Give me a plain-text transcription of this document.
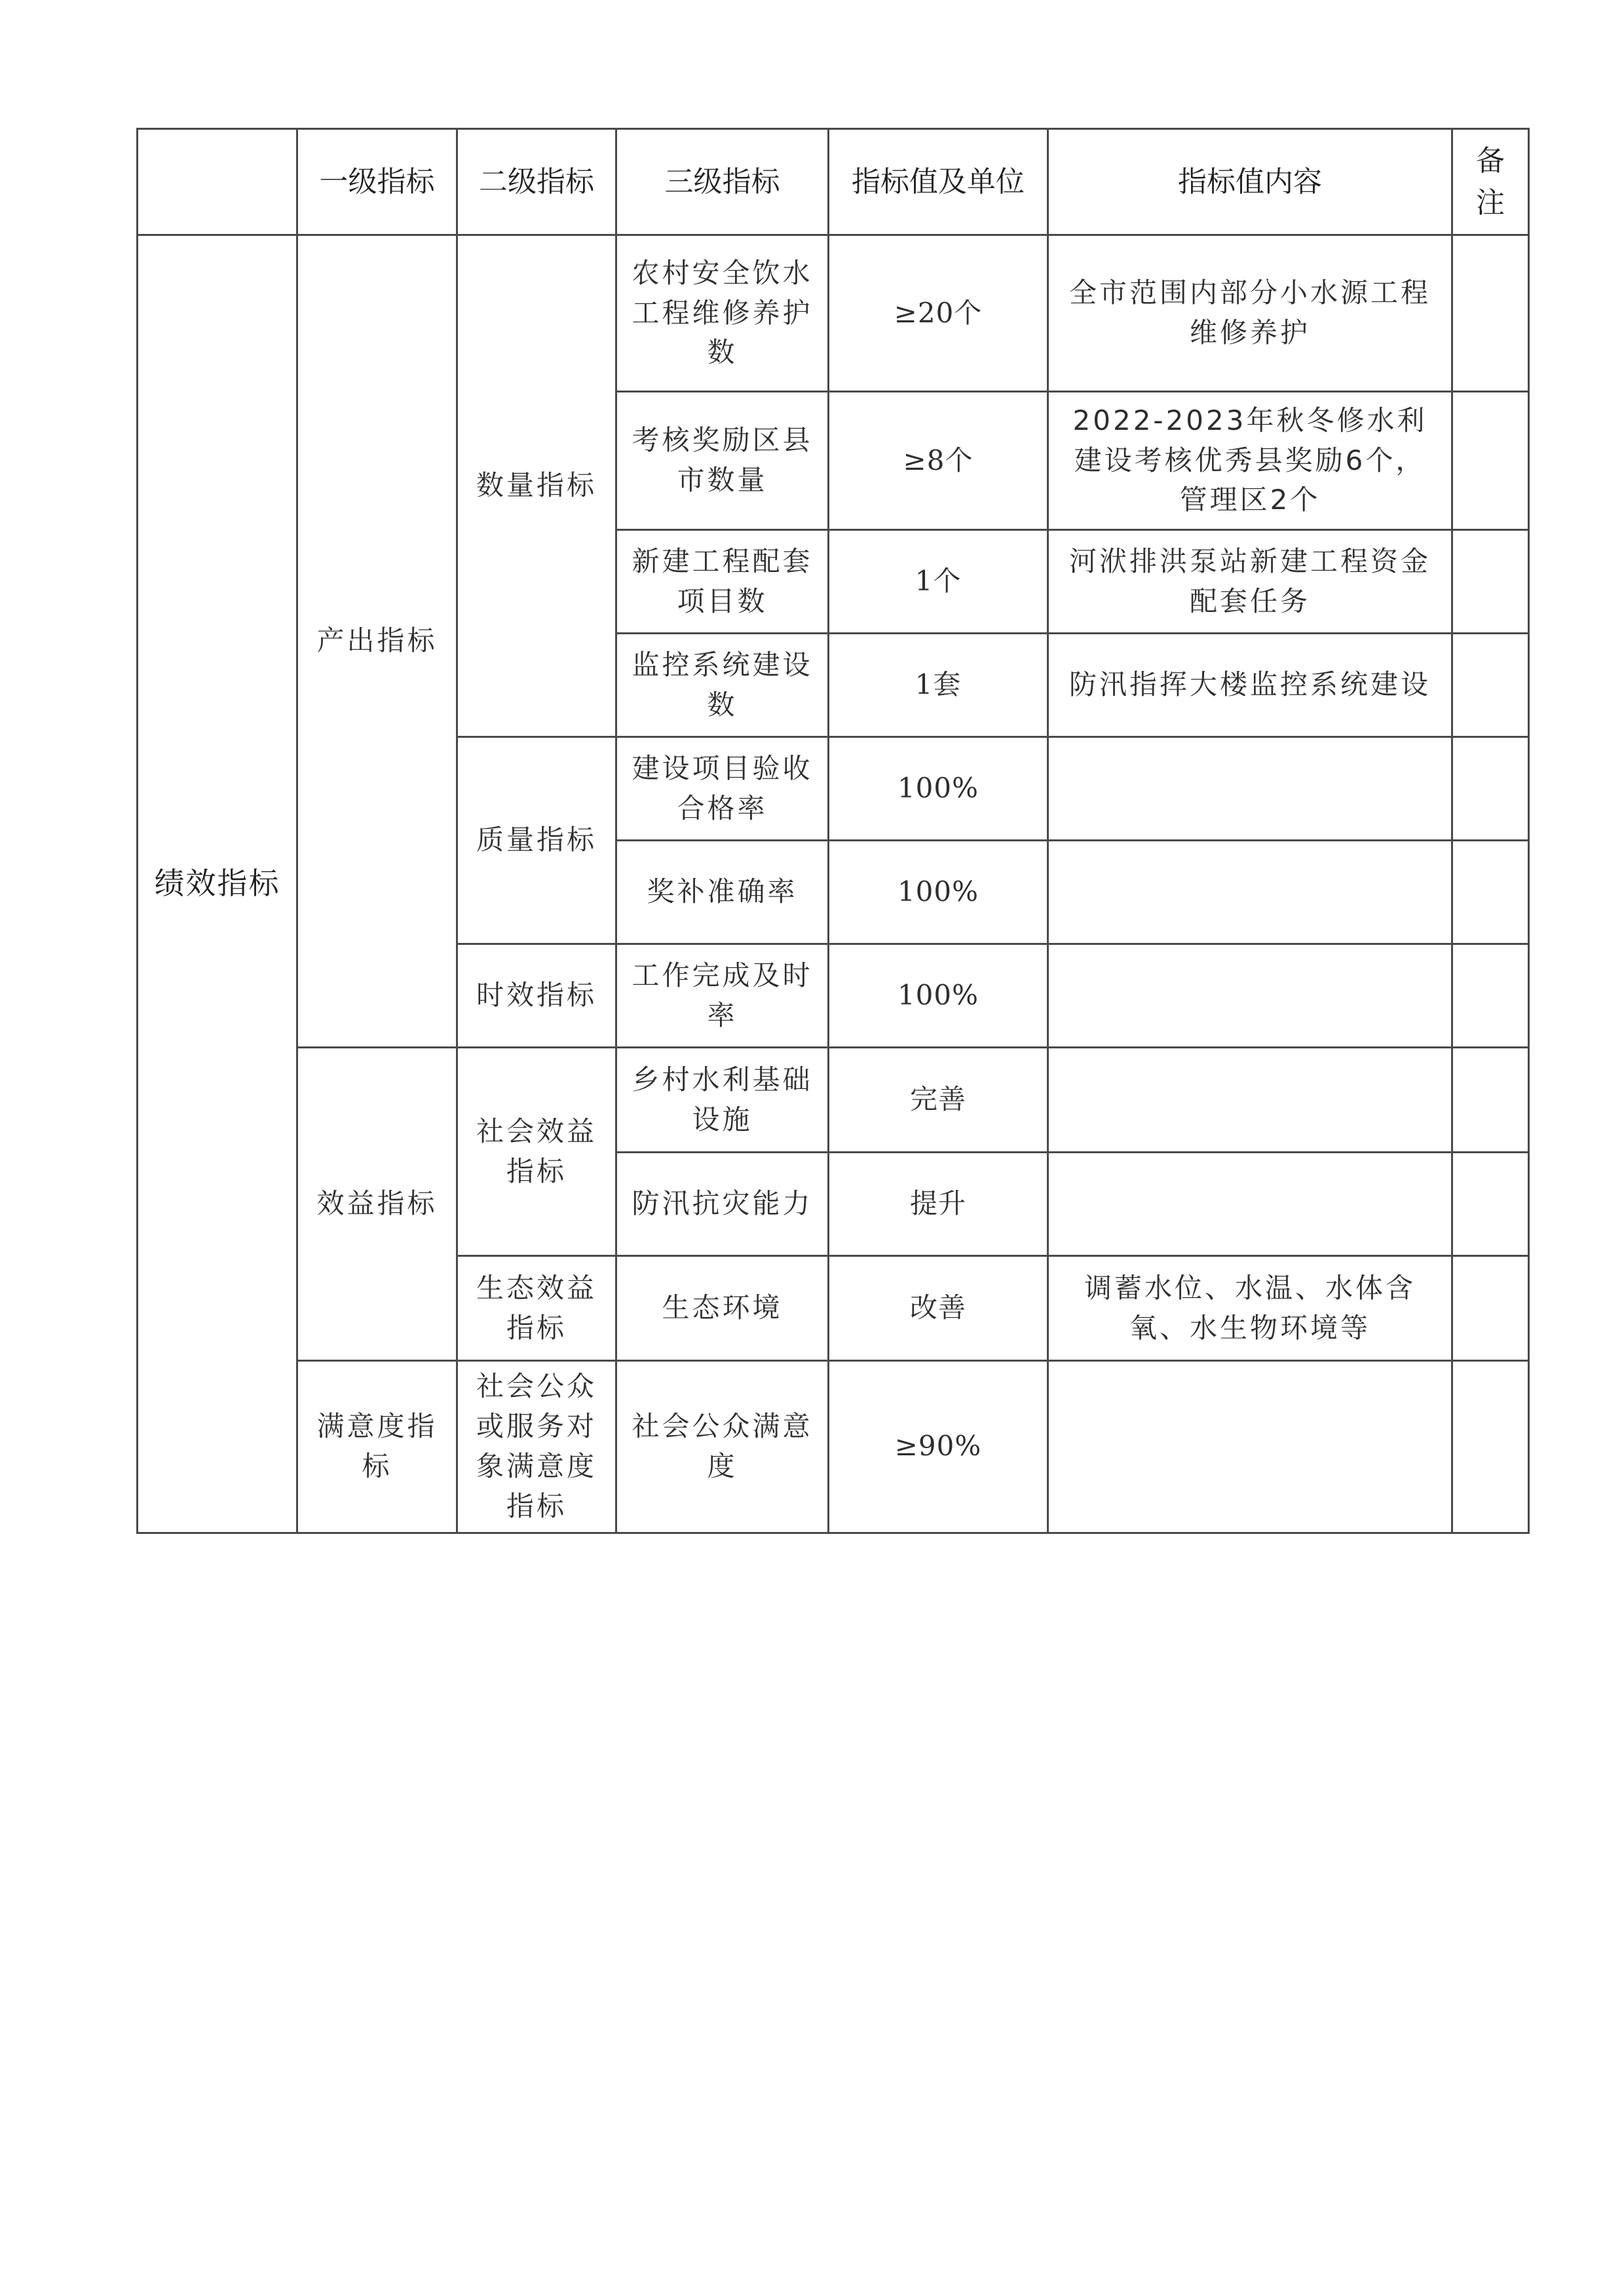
	一级指标	二级指标	三级指标	指标值及单位	指标值内容	备注
绩效指标	产出指标	数量指标	农村安全饮水工程维修养护数	≥20个	全市范围内部分小水源工程维修养护	
			考核奖励区县市数量	≥8个	2022-2023年秋冬修水利建设考核优秀县奖励6个，管理区2个	
			新建工程配套项目数	1个	河洑排洪泵站新建工程资金配套任务	
			监控系统建设数	1套	防汛指挥大楼监控系统建设	
		质量指标	建设项目验收合格率	100%		
			奖补准确率	100%		
		时效指标	工作完成及时率	100%		
	效益指标	社会效益指标	乡村水利基础设施	完善		
			防汛抗灾能力	提升		
		生态效益指标	生态环境	改善	调蓄水位、水温、水体含氧、水生物环境等	
	满意度指标	社会公众或服务对象满意度指标	社会公众满意度	≥90%		
